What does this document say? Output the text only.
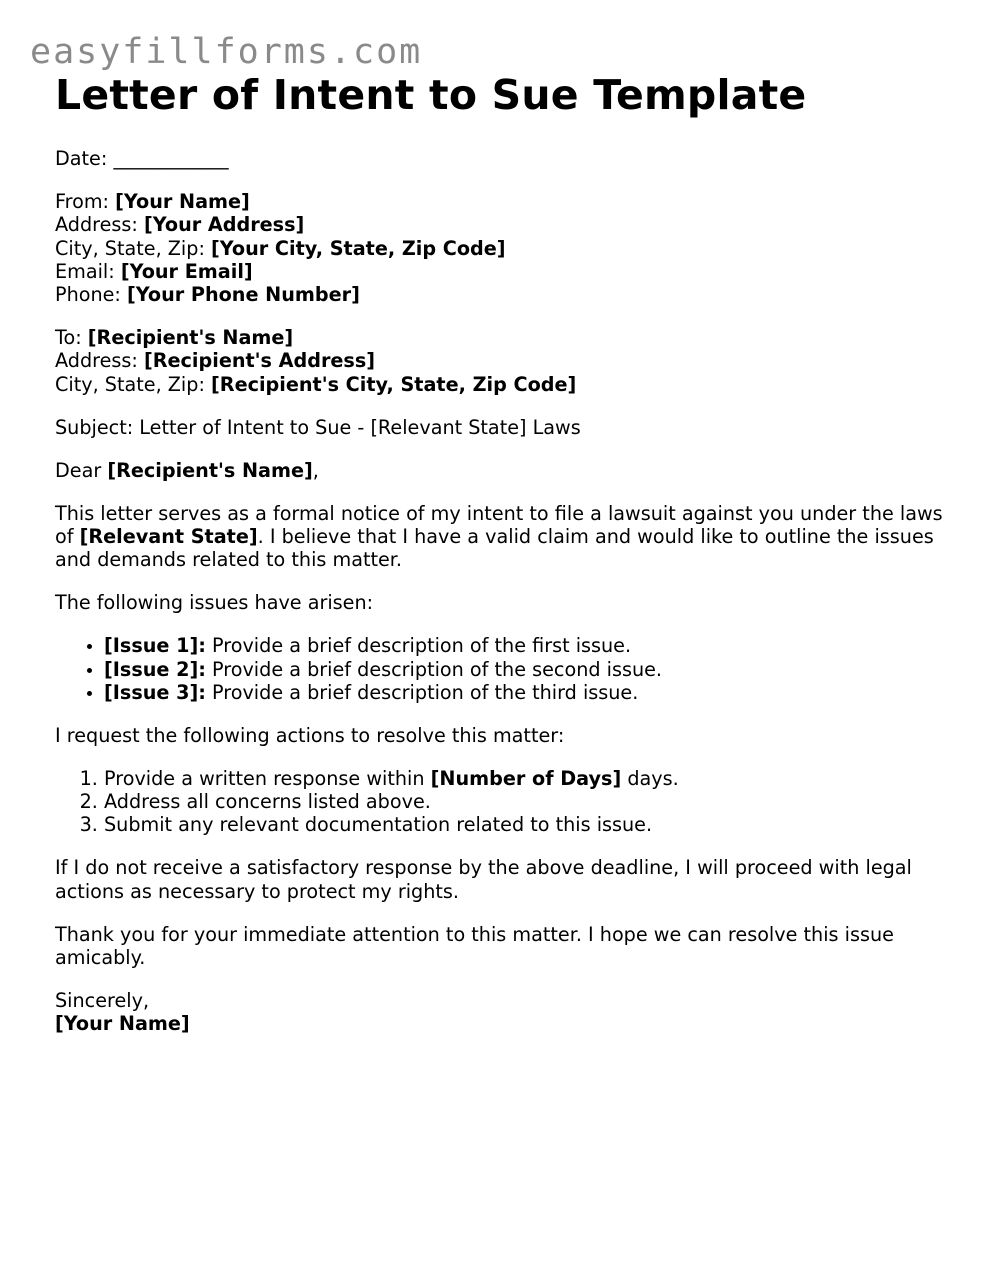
easyfillforms.com
Letter of Intent to Sue Template

Date: ____________

From: [Your Name]
Address: [Your Address]
City, State, Zip: [Your City, State, Zip Code]
Email: [Your Email]
Phone: [Your Phone Number]

To: [Recipient's Name]
Address: [Recipient's Address]
City, State, Zip: [Recipient's City, State, Zip Code]

Subject: Letter of Intent to Sue - [Relevant State] Laws

Dear [Recipient's Name],

This letter serves as a formal notice of my intent to file a lawsuit against you under the laws of [Relevant State]. I believe that I have a valid claim and would like to outline the issues and demands related to this matter.

The following issues have arisen:

• [Issue 1]: Provide a brief description of the first issue.
• [Issue 2]: Provide a brief description of the second issue.
• [Issue 3]: Provide a brief description of the third issue.

I request the following actions to resolve this matter:

1. Provide a written response within [Number of Days] days.
2. Address all concerns listed above.
3. Submit any relevant documentation related to this issue.

If I do not receive a satisfactory response by the above deadline, I will proceed with legal actions as necessary to protect my rights.

Thank you for your immediate attention to this matter. I hope we can resolve this issue amicably.

Sincerely,
[Your Name]
